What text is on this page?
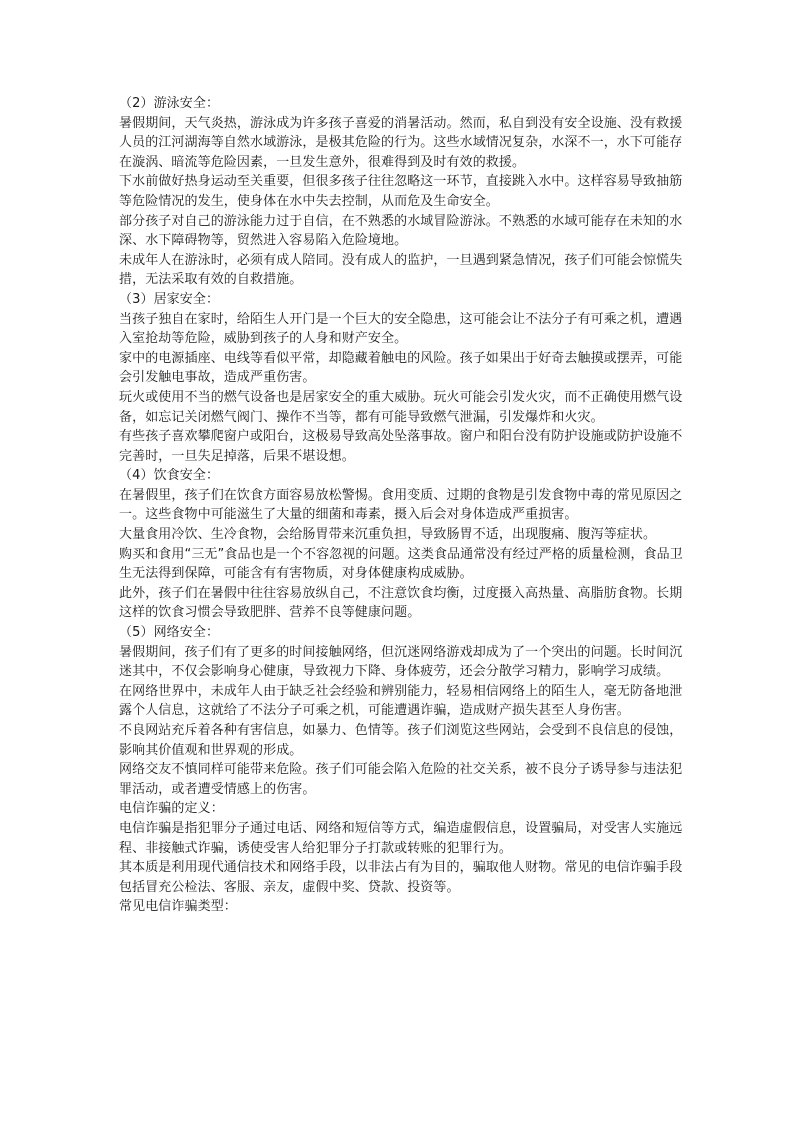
（2）游泳安全：

暑假期间，天气炎热，游泳成为许多孩子喜爱的消暑活动。然而，私自到没有安全设施、没有救援人员的江河湖海等自然水域游泳，是极其危险的行为。这些水域情况复杂，水深不一，水下可能存在漩涡、暗流等危险因素，一旦发生意外，很难得到及时有效的救援。

下水前做好热身运动至关重要，但很多孩子往往忽略这一环节，直接跳入水中。这样容易导致抽筋等危险情况的发生，使身体在水中失去控制，从而危及生命安全。

部分孩子对自己的游泳能力过于自信，在不熟悉的水域冒险游泳。不熟悉的水域可能存在未知的水深、水下障碍物等，贸然进入容易陷入危险境地。

未成年人在游泳时，必须有成人陪同。没有成人的监护，一旦遇到紧急情况，孩子们可能会惊慌失措，无法采取有效的自救措施。

（3）居家安全：

当孩子独自在家时，给陌生人开门是一个巨大的安全隐患，这可能会让不法分子有可乘之机，遭遇入室抢劫等危险，威胁到孩子的人身和财产安全。

家中的电源插座、电线等看似平常，却隐藏着触电的风险。孩子如果出于好奇去触摸或摆弄，可能会引发触电事故，造成严重伤害。

玩火或使用不当的燃气设备也是居家安全的重大威胁。玩火可能会引发火灾，而不正确使用燃气设备，如忘记关闭燃气阀门、操作不当等，都有可能导致燃气泄漏，引发爆炸和火灾。

有些孩子喜欢攀爬窗户或阳台，这极易导致高处坠落事故。窗户和阳台没有防护设施或防护设施不完善时，一旦失足掉落，后果不堪设想。

（4）饮食安全：

在暑假里，孩子们在饮食方面容易放松警惕。食用变质、过期的食物是引发食物中毒的常见原因之一。这些食物中可能滋生了大量的细菌和毒素，摄入后会对身体造成严重损害。

大量食用冷饮、生冷食物，会给肠胃带来沉重负担，导致肠胃不适，出现腹痛、腹泻等症状。

购买和食用“三无”食品也是一个不容忽视的问题。这类食品通常没有经过严格的质量检测，食品卫生无法得到保障，可能含有有害物质，对身体健康构成威胁。

此外，孩子们在暑假中往往容易放纵自己，不注意饮食均衡，过度摄入高热量、高脂肪食物。长期这样的饮食习惯会导致肥胖、营养不良等健康问题。

（5）网络安全：

暑假期间，孩子们有了更多的时间接触网络，但沉迷网络游戏却成为了一个突出的问题。长时间沉迷其中，不仅会影响身心健康，导致视力下降、身体疲劳，还会分散学习精力，影响学习成绩。

在网络世界中，未成年人由于缺乏社会经验和辨别能力，轻易相信网络上的陌生人，毫无防备地泄露个人信息，这就给了不法分子可乘之机，可能遭遇诈骗，造成财产损失甚至人身伤害。

不良网站充斥着各种有害信息，如暴力、色情等。孩子们浏览这些网站，会受到不良信息的侵蚀，影响其价值观和世界观的形成。

网络交友不慎同样可能带来危险。孩子们可能会陷入危险的社交关系，被不良分子诱导参与违法犯罪活动，或者遭受情感上的伤害。

电信诈骗的定义：

电信诈骗是指犯罪分子通过电话、网络和短信等方式，编造虚假信息，设置骗局，对受害人实施远程、非接触式诈骗，诱使受害人给犯罪分子打款或转账的犯罪行为。

其本质是利用现代通信技术和网络手段，以非法占有为目的，骗取他人财物。常见的电信诈骗手段包括冒充公检法、客服、亲友，虚假中奖、贷款、投资等。

常见电信诈骗类型：
